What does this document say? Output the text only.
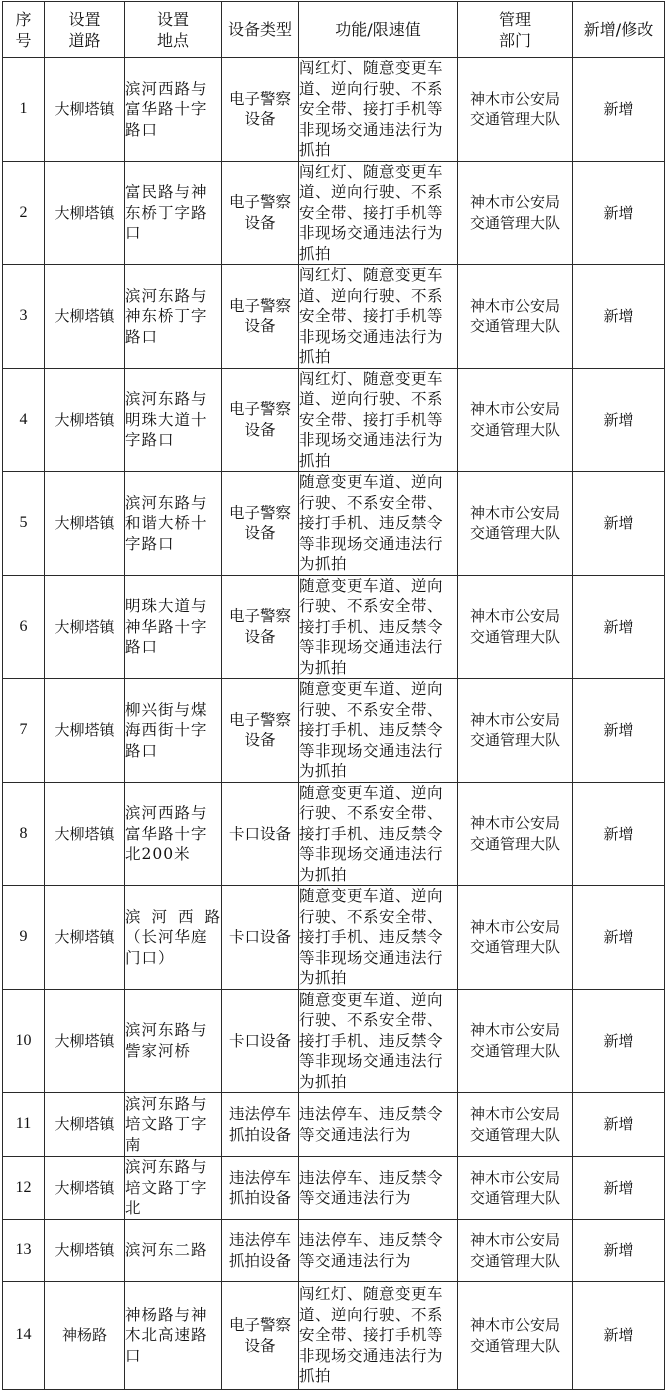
序
号	设置
道路	设置
地点	设备类型	功能/限速值	管理
部门	新增/修改

1	大柳塔镇	滨河西路与
富华路十字
路口	电子警察
设备	闯红灯、随意变更车
道、逆向行驶、不系
安全带、接打手机等
非现场交通违法行为
抓拍	神木市公安局
交通管理大队	新增
2	大柳塔镇	富民路与神
东桥丁字路
口	电子警察
设备	闯红灯、随意变更车
道、逆向行驶、不系
安全带、接打手机等
非现场交通违法行为
抓拍	神木市公安局
交通管理大队	新增
3	大柳塔镇	滨河东路与
神东桥丁字
路口	电子警察
设备	闯红灯、随意变更车
道、逆向行驶、不系
安全带、接打手机等
非现场交通违法行为
抓拍	神木市公安局
交通管理大队	新增
4	大柳塔镇	滨河东路与
明珠大道十
字路口	电子警察
设备	闯红灯、随意变更车
道、逆向行驶、不系
安全带、接打手机等
非现场交通违法行为
抓拍	神木市公安局
交通管理大队	新增
5	大柳塔镇	滨河东路与
和谐大桥十
字路口	电子警察
设备	随意变更车道、逆向
行驶、不系安全带、
接打手机、违反禁令
等非现场交通违法行
为抓拍	神木市公安局
交通管理大队	新增
6	大柳塔镇	明珠大道与
神华路十字
路口	电子警察
设备	随意变更车道、逆向
行驶、不系安全带、
接打手机、违反禁令
等非现场交通违法行
为抓拍	神木市公安局
交通管理大队	新增
7	大柳塔镇	柳兴街与煤
海西街十字
路口	电子警察
设备	随意变更车道、逆向
行驶、不系安全带、
接打手机、违反禁令
等非现场交通违法行
为抓拍	神木市公安局
交通管理大队	新增
8	大柳塔镇	滨河西路与
富华路十字
北200米	卡口设备	随意变更车道、逆向
行驶、不系安全带、
接打手机、违反禁令
等非现场交通违法行
为抓拍	神木市公安局
交通管理大队	新增
9	大柳塔镇	滨 河 西 路
（长河华庭
门口）	卡口设备	随意变更车道、逆向
行驶、不系安全带、
接打手机、违反禁令
等非现场交通违法行
为抓拍	神木市公安局
交通管理大队	新增
10	大柳塔镇	滨河东路与
訾家河桥	卡口设备	随意变更车道、逆向
行驶、不系安全带、
接打手机、违反禁令
等非现场交通违法行
为抓拍	神木市公安局
交通管理大队	新增
11	大柳塔镇	滨河东路与
培文路丁字
南	违法停车
抓拍设备	违法停车、违反禁令
等交通违法行为	神木市公安局
交通管理大队	新增
12	大柳塔镇	滨河东路与
培文路丁字
北	违法停车
抓拍设备	违法停车、违反禁令
等交通违法行为	神木市公安局
交通管理大队	新增
13	大柳塔镇	滨河东二路	违法停车
抓拍设备	违法停车、违反禁令
等交通违法行为	神木市公安局
交通管理大队	新增
14	神杨路	神杨路与神
木北高速路
口	电子警察
设备	闯红灯、随意变更车
道、逆向行驶、不系
安全带、接打手机等
非现场交通违法行为
抓拍	神木市公安局
交通管理大队	新增
